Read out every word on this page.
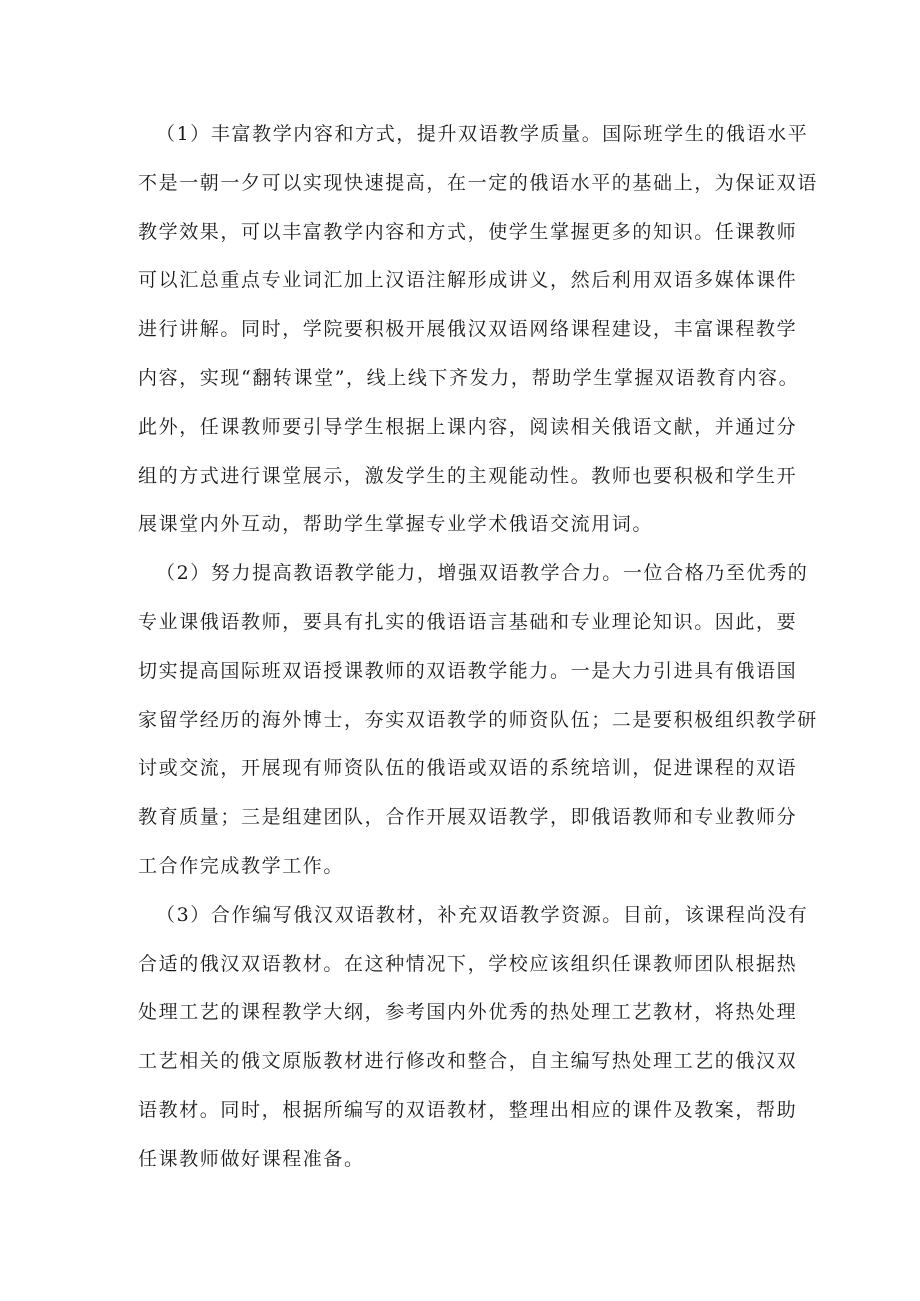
（1）丰富教学内容和方式，提升双语教学质量。国际班学生的俄语水平
不是一朝一夕可以实现快速提高，在一定的俄语水平的基础上，为保证双语
教学效果，可以丰富教学内容和方式，使学生掌握更多的知识。任课教师
可以汇总重点专业词汇加上汉语注解形成讲义，然后利用双语多媒体课件
进行讲解。同时，学院要积极开展俄汉双语网络课程建设，丰富课程教学
内容，实现“翻转课堂”，线上线下齐发力，帮助学生掌握双语教育内容。
此外，任课教师要引导学生根据上课内容，阅读相关俄语文献，并通过分
组的方式进行课堂展示，激发学生的主观能动性。教师也要积极和学生开
展课堂内外互动，帮助学生掌握专业学术俄语交流用词。
（2）努力提高教语教学能力，增强双语教学合力。一位合格乃至优秀的
专业课俄语教师，要具有扎实的俄语语言基础和专业理论知识。因此，要
切实提高国际班双语授课教师的双语教学能力。一是大力引进具有俄语国
家留学经历的海外博士，夯实双语教学的师资队伍；二是要积极组织教学研
讨或交流，开展现有师资队伍的俄语或双语的系统培训，促进课程的双语
教育质量；三是组建团队，合作开展双语教学，即俄语教师和专业教师分
工合作完成教学工作。
（3）合作编写俄汉双语教材，补充双语教学资源。目前，该课程尚没有
合适的俄汉双语教材。在这种情况下，学校应该组织任课教师团队根据热
处理工艺的课程教学大纲，参考国内外优秀的热处理工艺教材，将热处理
工艺相关的俄文原版教材进行修改和整合，自主编写热处理工艺的俄汉双
语教材。同时，根据所编写的双语教材，整理出相应的课件及教案，帮助
任课教师做好课程准备。
